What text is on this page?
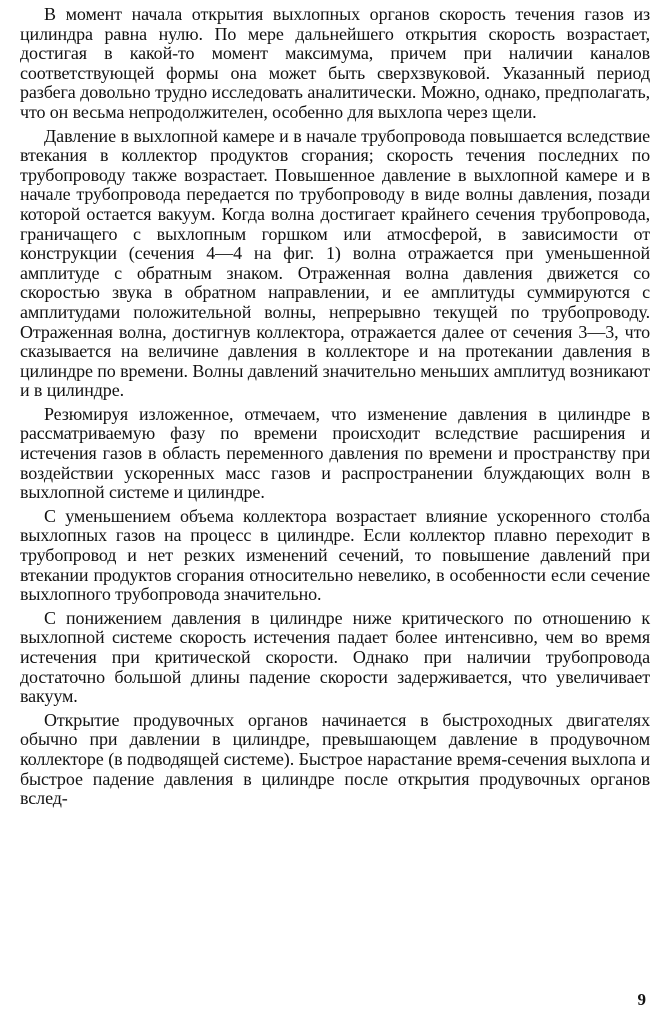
В момент начала открытия выхлопных органов скорость течения газов из цилиндра равна нулю. По мере дальнейшего открытия скорость возрастает, достигая в какой-то момент максимума, причем при наличии каналов соответствующей формы она может быть сверхзвуковой. Указанный период разбега довольно трудно исследовать аналитически. Можно, однако, предполагать, что он весьма непродолжителен, особенно для выхлопа через щели.

Давление в выхлопной камере и в начале трубопровода повышается вследствие втекания в коллектор продуктов сгорания; скорость течения последних по трубопроводу также возрастает. Повышенное давление в выхлопной камере и в начале трубопровода передается по трубопроводу в виде волны давления, позади которой остается вакуум. Когда волна достигает крайнего сечения трубопровода, граничащего с выхлопным горшком или атмосферой, в зависимости от конструкции (сечения 4—4 на фиг. 1) волна отражается при уменьшенной амплитуде с обратным знаком. Отраженная волна давления движется со скоростью звука в обратном направлении, и ее амплитуды суммируются с амплитудами положительной волны, непрерывно текущей по трубопроводу. Отраженная волна, достигнув коллектора, отражается далее от сечения 3—3, что сказывается на величине давления в коллекторе и на протекании давления в цилиндре по времени. Волны давлений значительно меньших амплитуд возникают и в цилиндре.

Резюмируя изложенное, отмечаем, что изменение давления в цилиндре в рассматриваемую фазу по времени происходит вследствие расширения и истечения газов в область переменного давления по времени и пространству при воздействии ускоренных масс газов и распространении блуждающих волн в выхлопной системе и цилиндре.

С уменьшением объема коллектора возрастает влияние ускоренного столба выхлопных газов на процесс в цилиндре. Если коллектор плавно переходит в трубопровод и нет резких изменений сечений, то повышение давлений при втекании продуктов сгорания относительно невелико, в особенности если сечение выхлопного трубопровода значительно.

С понижением давления в цилиндре ниже критического по отношению к выхлопной системе скорость истечения падает более интенсивно, чем во время истечения при критической скорости. Однако при наличии трубопровода достаточно большой длины падение скорости задерживается, что увеличивает вакуум.

Открытие продувочных органов начинается в быстроходных двигателях обычно при давлении в цилиндре, превышающем давление в продувочном коллекторе (в подводящей системе). Быстрое нарастание время-сечения выхлопа и быстрое падение давления в цилиндре после открытия продувочных органов вслед-

9
